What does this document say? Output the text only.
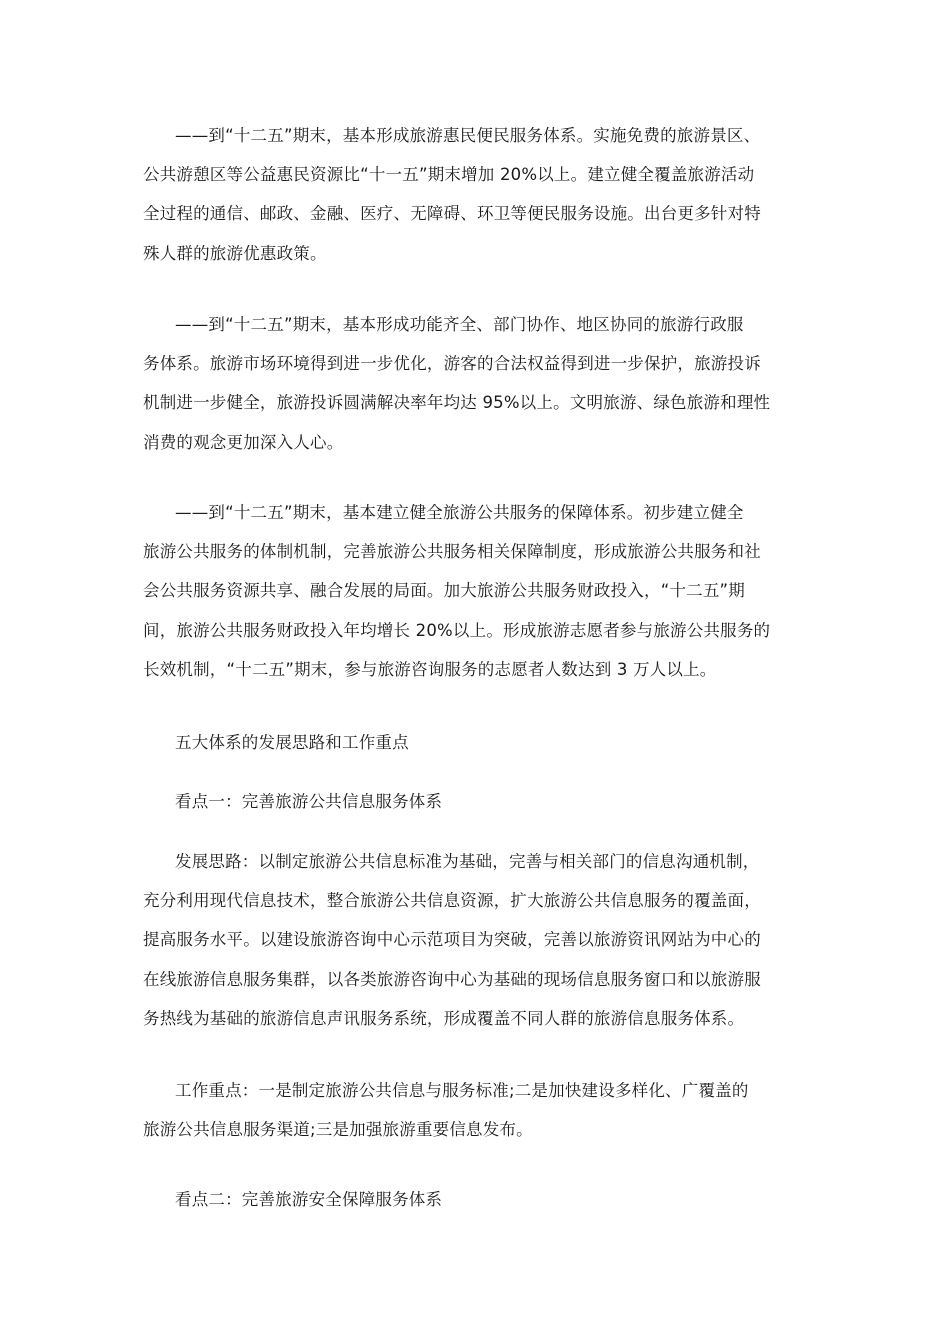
——到“十二五”期末，基本形成旅游惠民便民服务体系。实施免费的旅游景区、
公共游憩区等公益惠民资源比“十一五”期末增加 20%以上。建立健全覆盖旅游活动
全过程的通信、邮政、金融、医疗、无障碍、环卫等便民服务设施。出台更多针对特
殊人群的旅游优惠政策。
——到“十二五”期末，基本形成功能齐全、部门协作、地区协同的旅游行政服
务体系。旅游市场环境得到进一步优化，游客的合法权益得到进一步保护，旅游投诉
机制进一步健全，旅游投诉圆满解决率年均达 95%以上。文明旅游、绿色旅游和理性
消费的观念更加深入人心。
——到“十二五”期末，基本建立健全旅游公共服务的保障体系。初步建立健全
旅游公共服务的体制机制，完善旅游公共服务相关保障制度，形成旅游公共服务和社
会公共服务资源共享、融合发展的局面。加大旅游公共服务财政投入，“十二五”期
间，旅游公共服务财政投入年均增长 20%以上。形成旅游志愿者参与旅游公共服务的
长效机制，“十二五”期末，参与旅游咨询服务的志愿者人数达到 3 万人以上。
五大体系的发展思路和工作重点
看点一：完善旅游公共信息服务体系
发展思路：以制定旅游公共信息标准为基础，完善与相关部门的信息沟通机制，
充分利用现代信息技术，整合旅游公共信息资源，扩大旅游公共信息服务的覆盖面，
提高服务水平。以建设旅游咨询中心示范项目为突破，完善以旅游资讯网站为中心的
在线旅游信息服务集群，以各类旅游咨询中心为基础的现场信息服务窗口和以旅游服
务热线为基础的旅游信息声讯服务系统，形成覆盖不同人群的旅游信息服务体系。
工作重点：一是制定旅游公共信息与服务标准;二是加快建设多样化、广覆盖的
旅游公共信息服务渠道;三是加强旅游重要信息发布。
看点二：完善旅游安全保障服务体系
